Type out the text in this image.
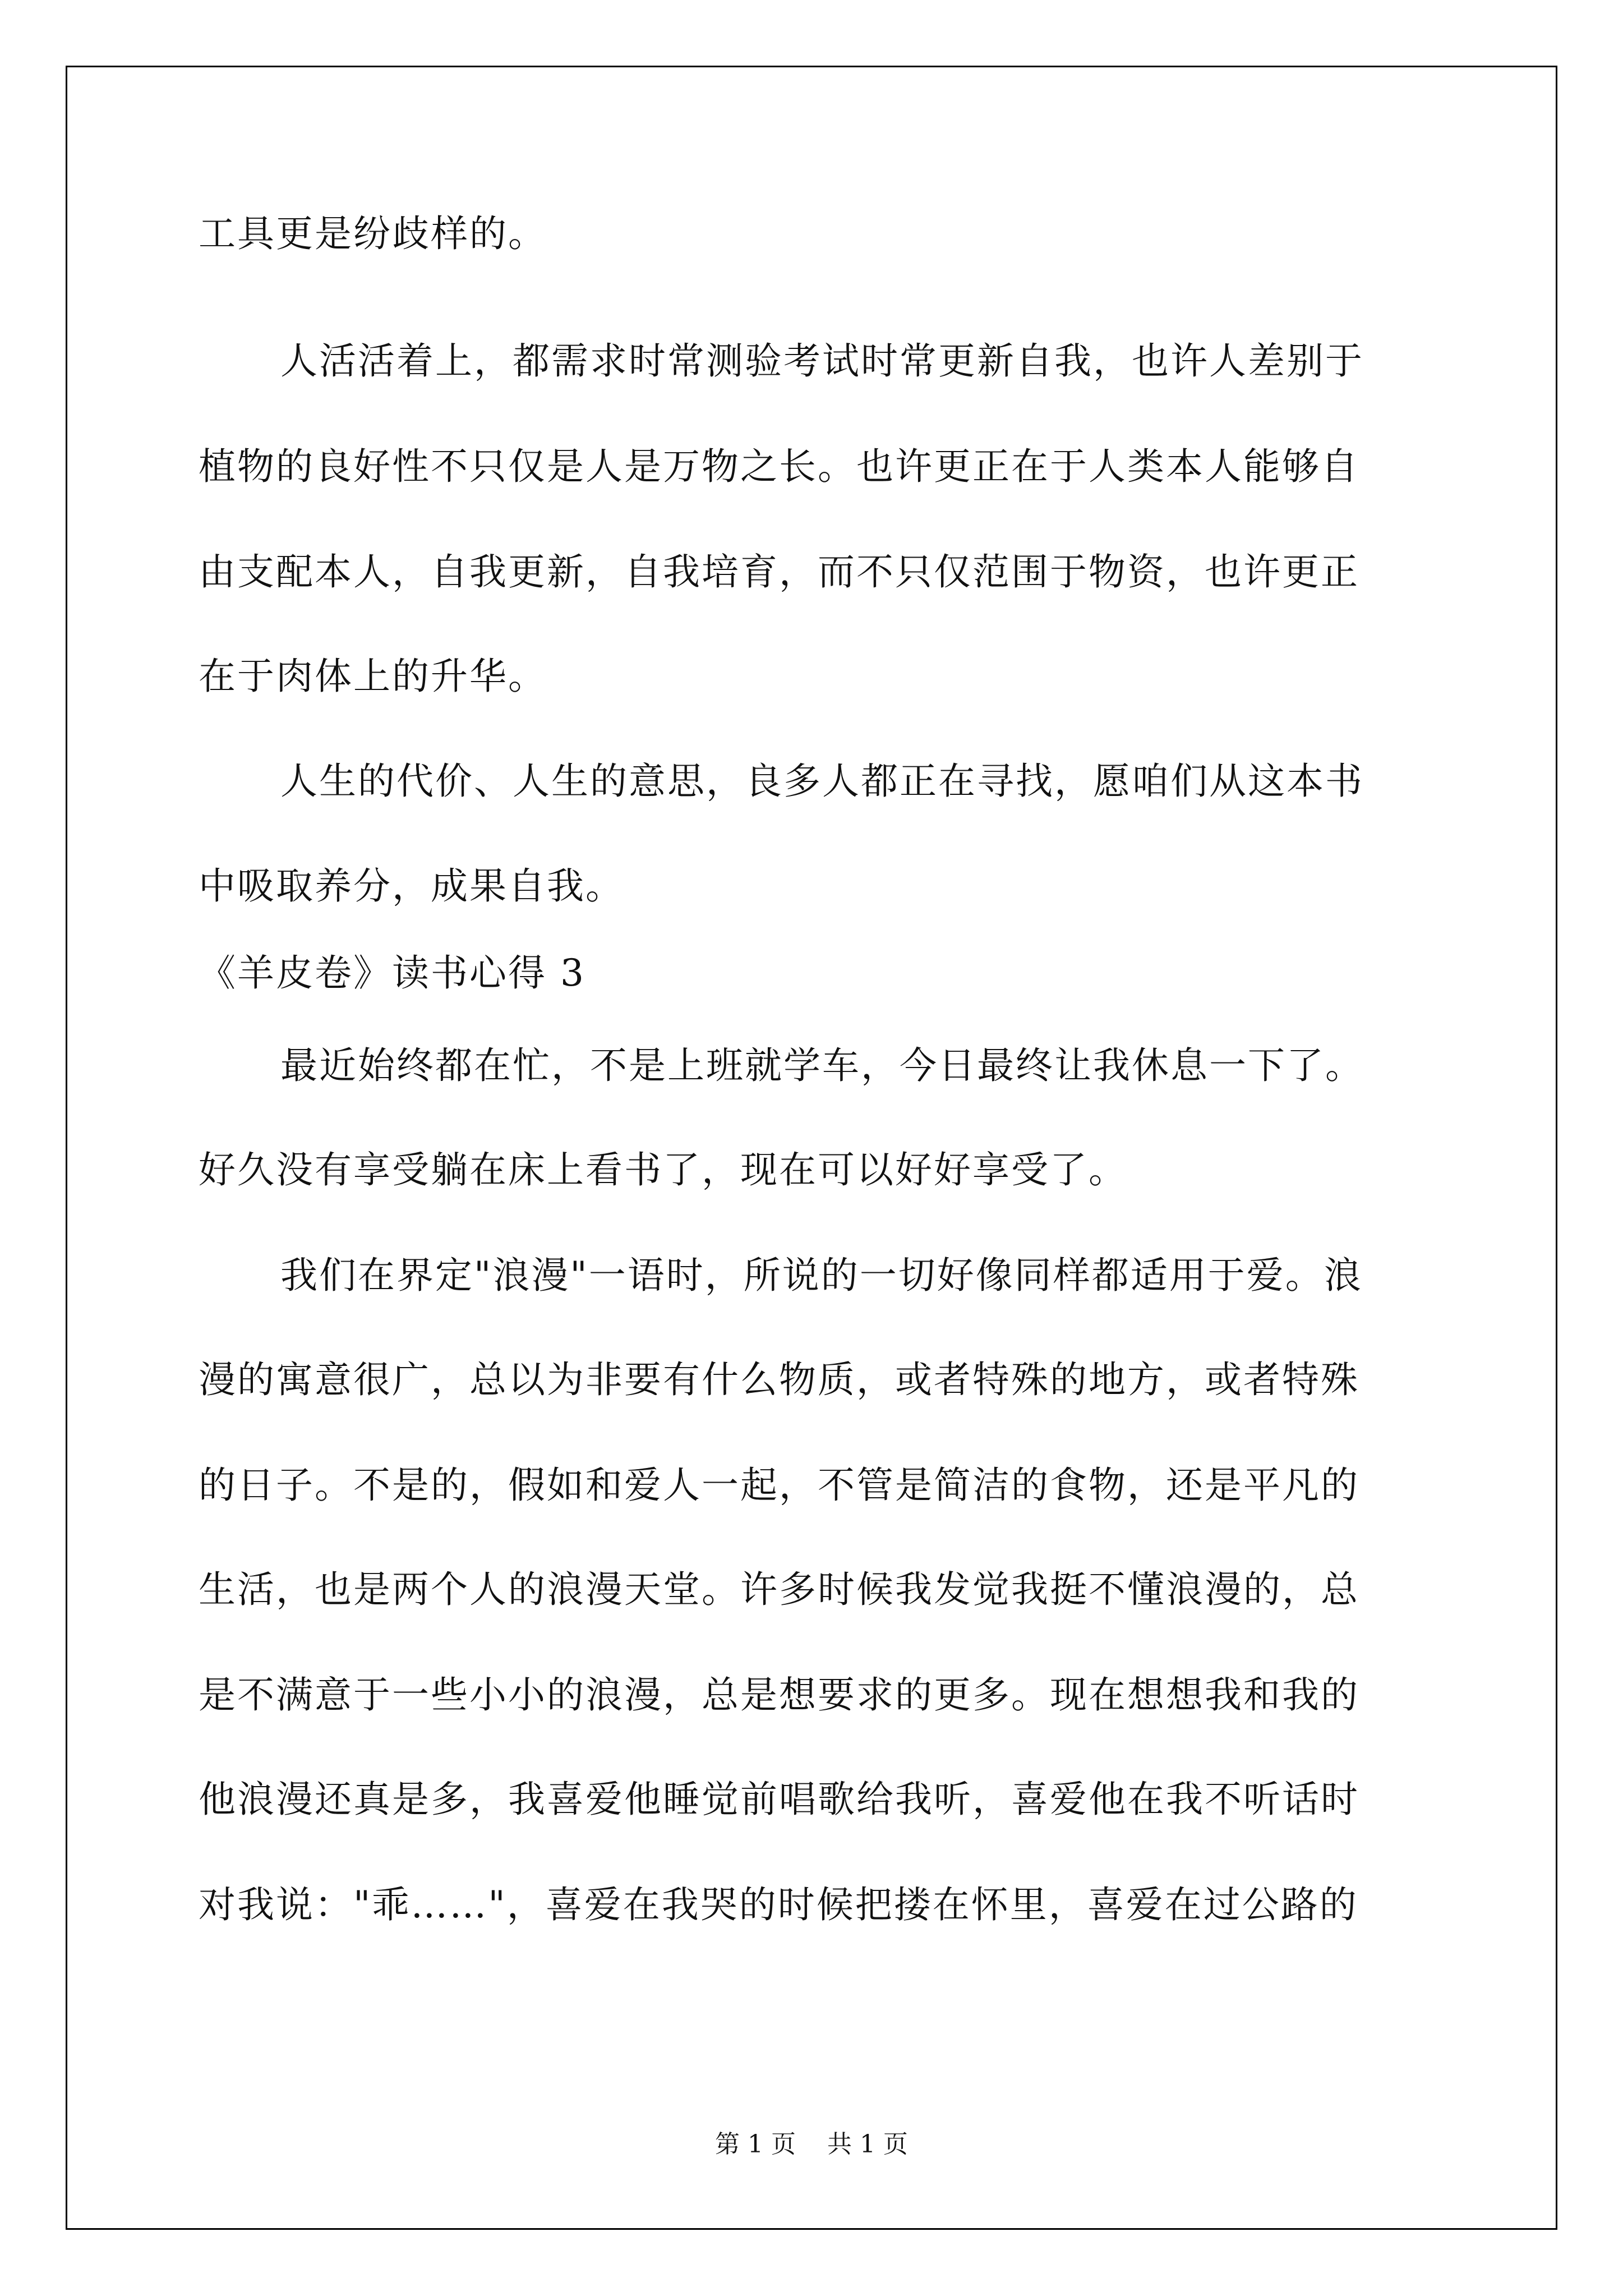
工具更是纷歧样的。
人活活着上，都需求时常测验考试时常更新自我，也许人差别于
植物的良好性不只仅是人是万物之长。也许更正在于人类本人能够自
由支配本人，自我更新，自我培育，而不只仅范围于物资，也许更正
在于肉体上的升华。
人生的代价、人生的意思，良多人都正在寻找，愿咱们从这本书
中吸取养分，成果自我。
《羊皮卷》读书心得 3
最近始终都在忙，不是上班就学车，今日最终让我休息一下了。
好久没有享受躺在床上看书了，现在可以好好享受了。
我们在界定"浪漫"一语时，所说的一切好像同样都适用于爱。浪
漫的寓意很广，总以为非要有什么物质，或者特殊的地方，或者特殊
的日子。不是的，假如和爱人一起，不管是简洁的食物，还是平凡的
生活，也是两个人的浪漫天堂。许多时候我发觉我挺不懂浪漫的，总
是不满意于一些小小的浪漫，总是想要求的更多。现在想想我和我的
他浪漫还真是多，我喜爱他睡觉前唱歌给我听，喜爱他在我不听话时
对我说："乖……"，喜爱在我哭的时候把搂在怀里，喜爱在过公路的
第 1 页    共 1 页
